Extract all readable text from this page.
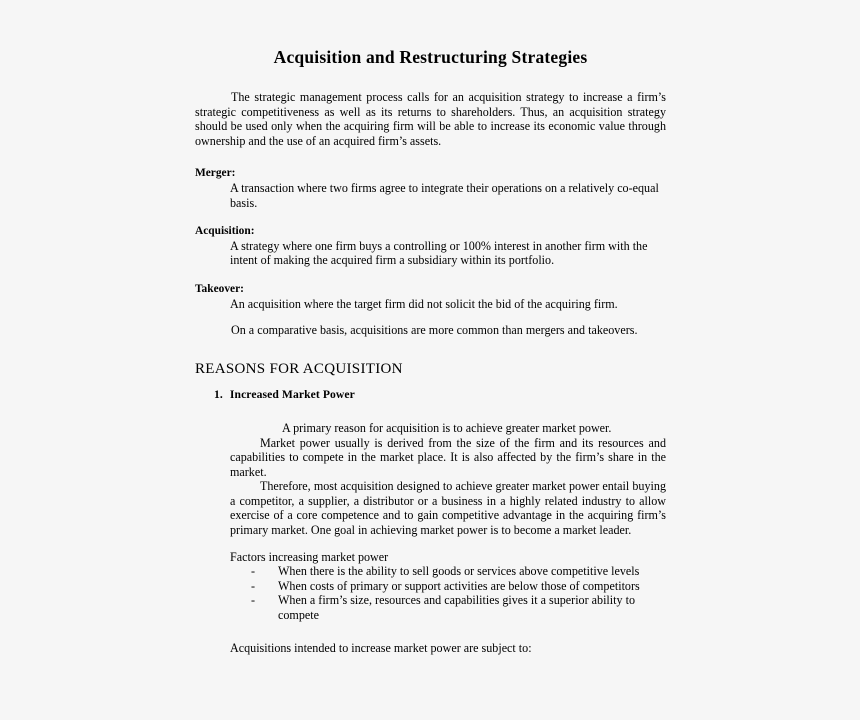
Acquisition and Restructuring Strategies

The strategic management process calls for an acquisition strategy to increase a firm’s strategic competitiveness as well as its returns to shareholders. Thus, an acquisition strategy should be used only when the acquiring firm will be able to increase its economic value through ownership and the use of an acquired firm’s assets.

Merger:

A transaction where two firms agree to integrate their operations on a relatively co-equal basis.

Acquisition:

A strategy where one firm buys a controlling or 100% interest in another firm with the intent of making the acquired firm a subsidiary within its portfolio.

Takeover:

An acquisition where the target firm did not solicit the bid of the acquiring firm.

On a comparative basis, acquisitions are more common than mergers and takeovers.

REASONS FOR ACQUISITION

1. Increased Market Power

A primary reason for acquisition is to achieve greater market power.

Market power usually is derived from the size of the firm and its resources and capabilities to compete in the market place. It is also affected by the firm’s share in the market.

Therefore, most acquisition designed to achieve greater market power entail buying a competitor, a supplier, a distributor or a business in a highly related industry to allow exercise of a core competence and to gain competitive advantage in the acquiring firm’s primary market. One goal in achieving market power is to become a market leader.

Factors increasing market power

- When there is the ability to sell goods or services above competitive levels
- When costs of primary or support activities are below those of competitors
- When a firm’s size, resources and capabilities gives it a superior ability to compete

Acquisitions intended to increase market power are subject to:
